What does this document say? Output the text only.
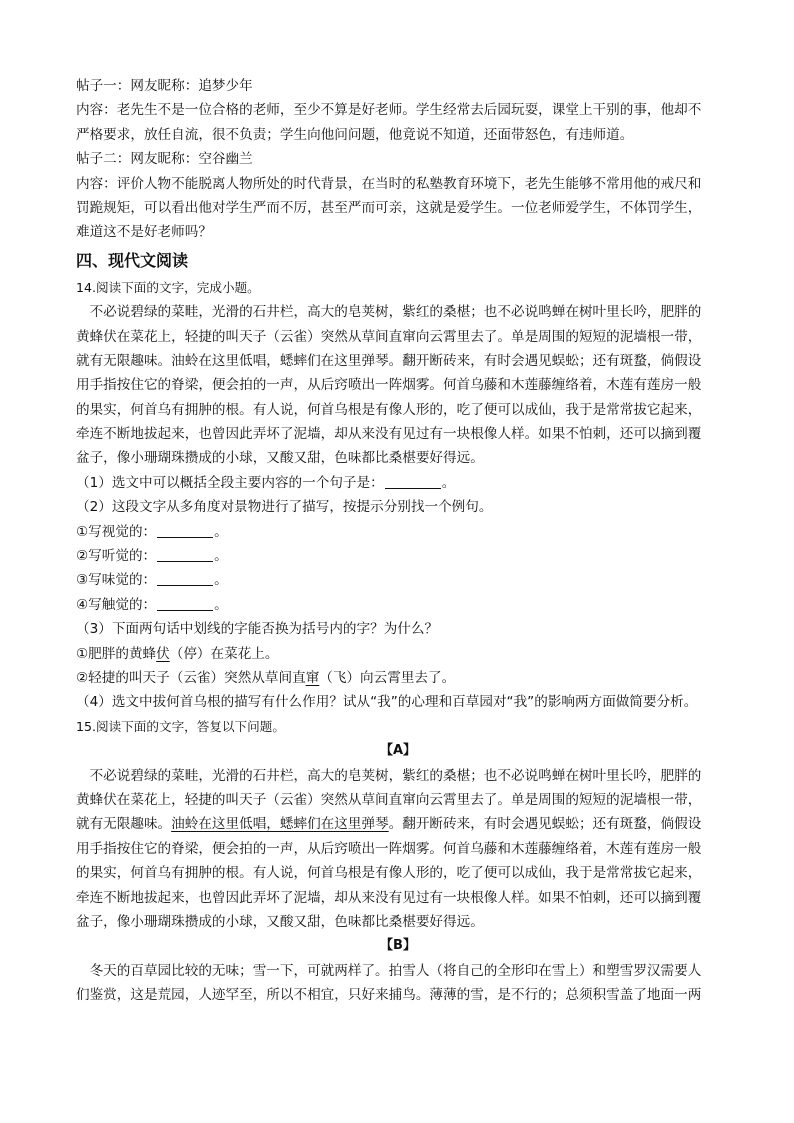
帖子一：网友昵称：追梦少年
内容：老先生不是一位合格的老师，至少不算是好老师。学生经常去后园玩耍，课堂上干别的事，他却不
严格要求，放任自流，很不负责；学生向他问问题，他竟说不知道，还面带怒色，有违师道。
帖子二：网友昵称：空谷幽兰
内容：评价人物不能脱离人物所处的时代背景，在当时的私塾教育环境下，老先生能够不常用他的戒尺和
罚跪规矩，可以看出他对学生严而不厉，甚至严而可亲，这就是爱学生。一位老师爱学生，不体罚学生，
难道这不是好老师吗？
四、现代文阅读
14.阅读下面的文字，完成小题。
　不必说碧绿的菜畦，光滑的石井栏，高大的皂荚树，紫红的桑椹；也不必说鸣蝉在树叶里长吟，肥胖的
黄蜂伏在菜花上，轻捷的叫天子（云雀）突然从草间直窜向云霄里去了。单是周围的短短的泥墙根一带，
就有无限趣味。油蛉在这里低唱，蟋蟀们在这里弹琴。翻开断砖来，有时会遇见蜈蚣；还有斑蝥，倘假设
用手指按住它的脊梁，便会拍的一声，从后窍喷出一阵烟雾。何首乌藤和木莲藤缠络着，木莲有莲房一般
的果实，何首乌有拥肿的根。有人说，何首乌根是有像人形的，吃了便可以成仙，我于是常常拔它起来，
牵连不断地拔起来，也曾因此弄坏了泥墙，却从来没有见过有一块根像人样。如果不怕刺，还可以摘到覆
盆子，像小珊瑚珠攒成的小球，又酸又甜，色味都比桑椹要好得远。
（1）选文中可以概括全段主要内容的一个句子是：	。
（2）这段文字从多角度对景物进行了描写，按提示分别找一个例句。
①写视觉的：	。
②写听觉的：	。
③写味觉的：	。
④写触觉的：	。
（3）下面两句话中划线的字能否换为括号内的字？为什么？
①肥胖的黄蜂伏（停）在菜花上。
②轻捷的叫天子（云雀）突然从草间直窜（飞）向云霄里去了。
（4）选文中拔何首乌根的描写有什么作用？试从“我”的心理和百草园对“我”的影响两方面做简要分析。
15.阅读下面的文字，答复以下问题。
【A】
　不必说碧绿的菜畦，光滑的石井栏，高大的皂荚树，紫红的桑椹；也不必说鸣蝉在树叶里长吟，肥胖的
黄蜂伏在菜花上，轻捷的叫天子（云雀）突然从草间直窜向云霄里去了。单是周围的短短的泥墙根一带，
就有无限趣味。油蛉在这里低唱，蟋蟀们在这里弹琴。翻开断砖来，有时会遇见蜈蚣；还有斑蝥，倘假设
用手指按住它的脊梁，便会拍的一声，从后窍喷出一阵烟雾。何首乌藤和木莲藤缠络着，木莲有莲房一般
的果实，何首乌有拥肿的根。有人说，何首乌根是有像人形的，吃了便可以成仙，我于是常常拔它起来，
牵连不断地拔起来，也曾因此弄坏了泥墙，却从来没有见过有一块根像人样。如果不怕刺，还可以摘到覆
盆子，像小珊瑚珠攒成的小球，又酸又甜，色味都比桑椹要好得远。
【B】
　冬天的百草园比较的无味；雪一下，可就两样了。拍雪人（将自己的全形印在雪上）和塑雪罗汉需要人
们鉴赏，这是荒园，人迹罕至，所以不相宜，只好来捕鸟。薄薄的雪，是不行的；总须积雪盖了地面一两
